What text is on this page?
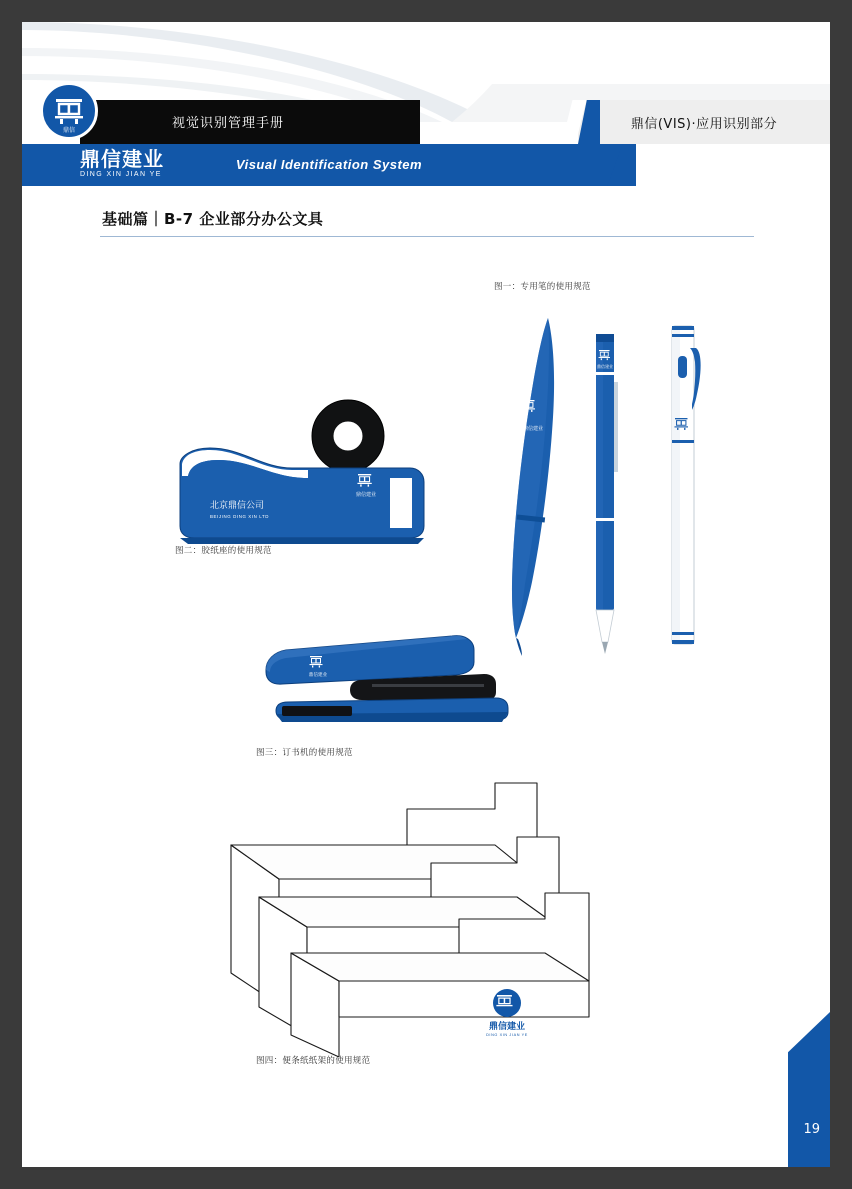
视觉识别管理手册
鼎信	鼎信(VIS)·应用识别部分
鼎信建业
DING XIN JIAN YE
Visual Identification System
基础篇｜B-7 企业部分办公文具
图一：专用笔的使用规范
鼎信建业
鼎信建业
图二：胶纸座的使用规范
鼎信建业
北京鼎信公司
BEIJING DING XIN LTD
图三：订书机的使用规范
鼎信建业
图四：便条纸纸架的使用规范
鼎信建业
DING XIN JIAN YE
19
